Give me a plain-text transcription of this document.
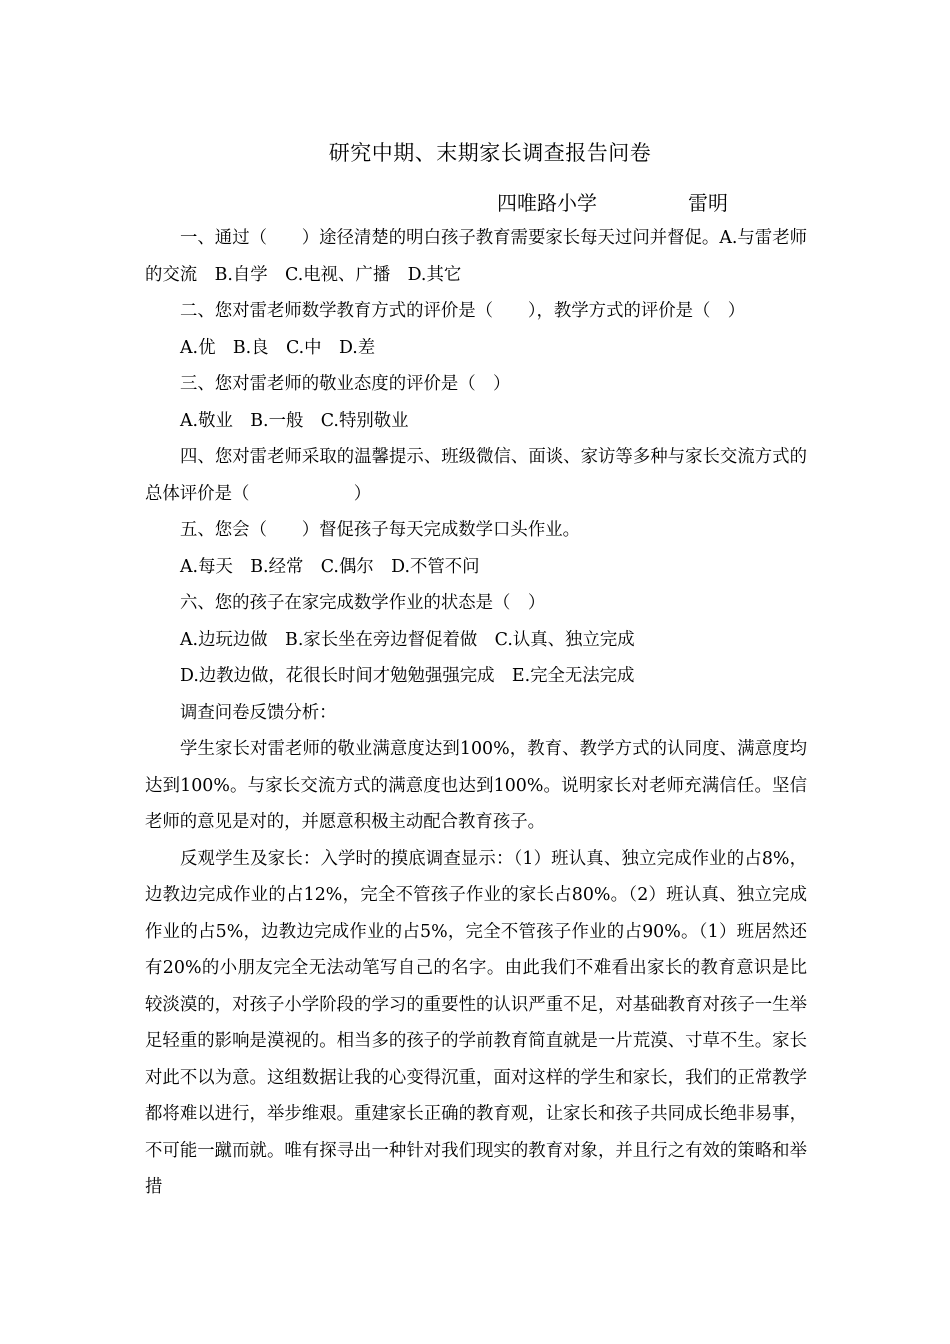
研究中期、末期家长调查报告问卷
四唯路小学	雷明

一、通过（　　）途径清楚的明白孩子教育需要家长每天过问并督促。A.与雷老师的交流　B.自学　C.电视、广播　D.其它

二、您对雷老师数学教育方式的评价是（　　），教学方式的评价是（　）

A.优　B.良　C.中　D.差

三、您对雷老师的敬业态度的评价是（　）

A.敬业　B.一般　C.特别敬业

四、您对雷老师采取的温馨提示、班级微信、面谈、家访等多种与家长交流方式的总体评价是（　　　　　　）

五、您会（　　）督促孩子每天完成数学口头作业。

A.每天　B.经常　C.偶尔　D.不管不问

六、您的孩子在家完成数学作业的状态是（　）

A.边玩边做　B.家长坐在旁边督促着做　C.认真、独立完成

D.边教边做，花很长时间才勉勉强强完成　E.完全无法完成

调查问卷反馈分析：

学生家长对雷老师的敬业满意度达到100%，教育、教学方式的认同度、满意度均达到100%。与家长交流方式的满意度也达到100%。说明家长对老师充满信任。坚信老师的意见是对的，并愿意积极主动配合教育孩子。

反观学生及家长：入学时的摸底调查显示：（1）班认真、独立完成作业的占8%，边教边完成作业的占12%，完全不管孩子作业的家长占80%。（2）班认真、独立完成作业的占5%，边教边完成作业的占5%，完全不管孩子作业的占90%。（1）班居然还有20%的小朋友完全无法动笔写自己的名字。由此我们不难看出家长的教育意识是比较淡漠的，对孩子小学阶段的学习的重要性的认识严重不足，对基础教育对孩子一生举足轻重的影响是漠视的。相当多的孩子的学前教育简直就是一片荒漠、寸草不生。家长对此不以为意。这组数据让我的心变得沉重，面对这样的学生和家长，我们的正常教学都将难以进行，举步维艰。重建家长正确的教育观，让家长和孩子共同成长绝非易事，不可能一蹴而就。唯有探寻出一种针对我们现实的教育对象，并且行之有效的策略和举措
